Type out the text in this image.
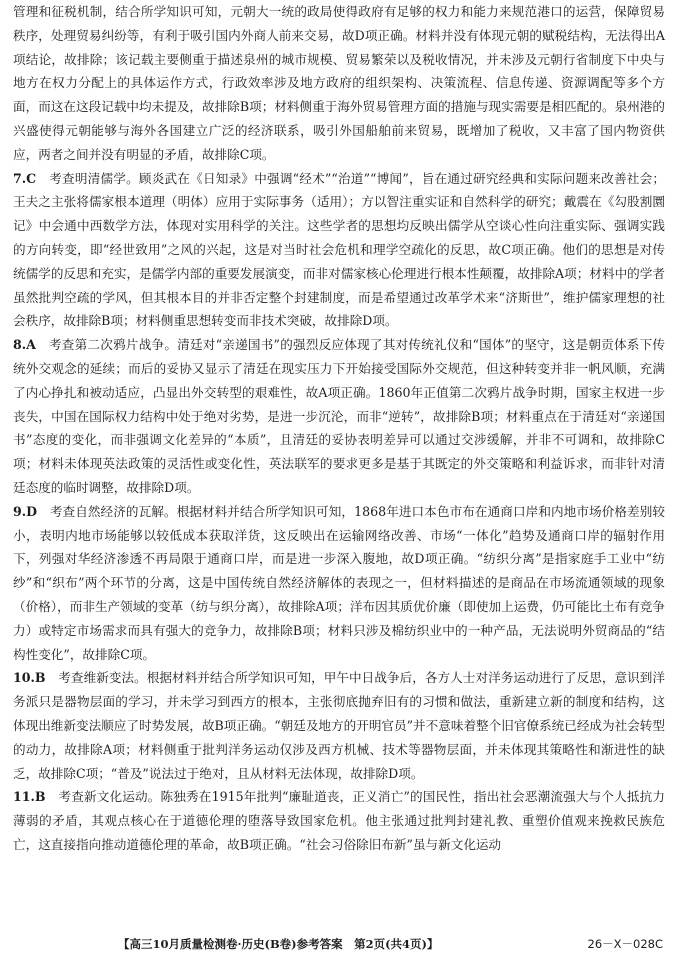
管理和征税机制，结合所学知识可知，元朝大一统的政局使得政府有足够的权力和能力来规范港口的运营，保障贸易秩序，处理贸易纠纷等，有利于吸引国内外商人前来交易，故D项正确。材料并没有体现元朝的赋税结构，无法得出A项结论，故排除；该记载主要侧重于描述泉州的城市规模、贸易繁荣以及税收情况，并未涉及元朝行省制度下中央与地方在权力分配上的具体运作方式，行政效率涉及地方政府的组织架构、决策流程、信息传递、资源调配等多个方面，而这在这段记载中均未提及，故排除B项；材料侧重于海外贸易管理方面的措施与现实需要是相匹配的。泉州港的兴盛使得元朝能够与海外各国建立广泛的经济联系，吸引外国船舶前来贸易，既增加了税收，又丰富了国内物资供应，两者之间并没有明显的矛盾，故排除C项。

7.C　 考查明清儒学。顾炎武在《日知录》中强调“经术”“治道”“博闻”，旨在通过研究经典和实际问题来改善社会；王夫之主张将儒家根本道理（明体）应用于实际事务（适用）；方以智注重实证和自然科学的研究；戴震在《勾股割圜记》中会通中西数学方法，体现对实用科学的关注。这些学者的思想均反映出儒学从空谈心性向注重实际、强调实践的方向转变，即“经世致用”之风的兴起，这是对当时社会危机和理学空疏化的反思，故C项正确。他们的思想是对传统儒学的反思和充实，是儒学内部的重要发展演变，而非对儒家核心伦理进行根本性颠覆，故排除A项；材料中的学者虽然批判空疏的学风，但其根本目的并非否定整个封建制度，而是希望通过改革学术来“济斯世”，维护儒家理想的社会秩序，故排除B项；材料侧重思想转变而非技术突破，故排除D项。
8.A　 考查第二次鸦片战争。清廷对“亲递国书”的强烈反应体现了其对传统礼仪和“国体”的坚守，这是朝贡体系下传统外交观念的延续；而后的妥协又显示了清廷在现实压力下开始接受国际外交规范，但这种转变并非一帆风顺，充满了内心挣扎和被动适应，凸显出外交转型的艰难性，故A项正确。1860年正值第二次鸦片战争时期，国家主权进一步丧失，中国在国际权力结构中处于绝对劣势，是进一步沉沦，而非“逆转”，故排除B项；材料重点在于清廷对“亲递国书”态度的变化，而非强调文化差异的“本质”，且清廷的妥协表明差异可以通过交涉缓解，并非不可调和，故排除C项；材料未体现英法政策的灵活性或变化性，英法联军的要求更多是基于其既定的外交策略和利益诉求，而非针对清廷态度的临时调整，故排除D项。
9.D　 考查自然经济的瓦解。根据材料并结合所学知识可知，1868年进口本色市布在通商口岸和内地市场价格差别较小，表明内地市场能够以较低成本获取洋货，这反映出在运输网络改善、市场“一体化”趋势及通商口岸的辐射作用下，列强对华经济渗透不再局限于通商口岸，而是进一步深入腹地，故D项正确。“纺织分离”是指家庭手工业中“纺纱”和“织布”两个环节的分离，这是中国传统自然经济解体的表现之一，但材料描述的是商品在市场流通领域的现象（价格），而非生产领域的变革（纺与织分离），故排除A项；洋布因其质优价廉（即使加上运费，仍可能比土布有竞争力）或特定市场需求而具有强大的竞争力，故排除B项；材料只涉及棉纺织业中的一种产品，无法说明外贸商品的“结构性变化”，故排除C项。
10.B　 考查维新变法。根据材料并结合所学知识可知，甲午中日战争后，各方人士对洋务运动进行了反思，意识到洋务派只是器物层面的学习，并未学习到西方的根本，主张彻底抛弃旧有的习惯和做法，重新建立新的制度和结构，这体现出维新变法顺应了时势发展，故B项正确。“朝廷及地方的开明官员”并不意味着整个旧官僚系统已经成为社会转型的动力，故排除A项；材料侧重于批判洋务运动仅涉及西方机械、技术等器物层面，并未体现其策略性和渐进性的缺乏，故排除C项；“普及”说法过于绝对，且从材料无法体现，故排除D项。
11.B　 考查新文化运动。陈独秀在1915年批判“廉耻道丧，正义消亡”的国民性，指出社会恶潮流强大与个人抵抗力薄弱的矛盾，其观点核心在于道德伦理的堕落导致国家危机。他主张通过批判封建礼教、重塑价值观来挽救民族危亡，这直接指向推动道德伦理的革命，故B项正确。“社会习俗除旧布新”虽与新文化运动
【高三10月质量检测卷·历史(B卷)参考答案　第2页(共4页)】	26－X－028C
